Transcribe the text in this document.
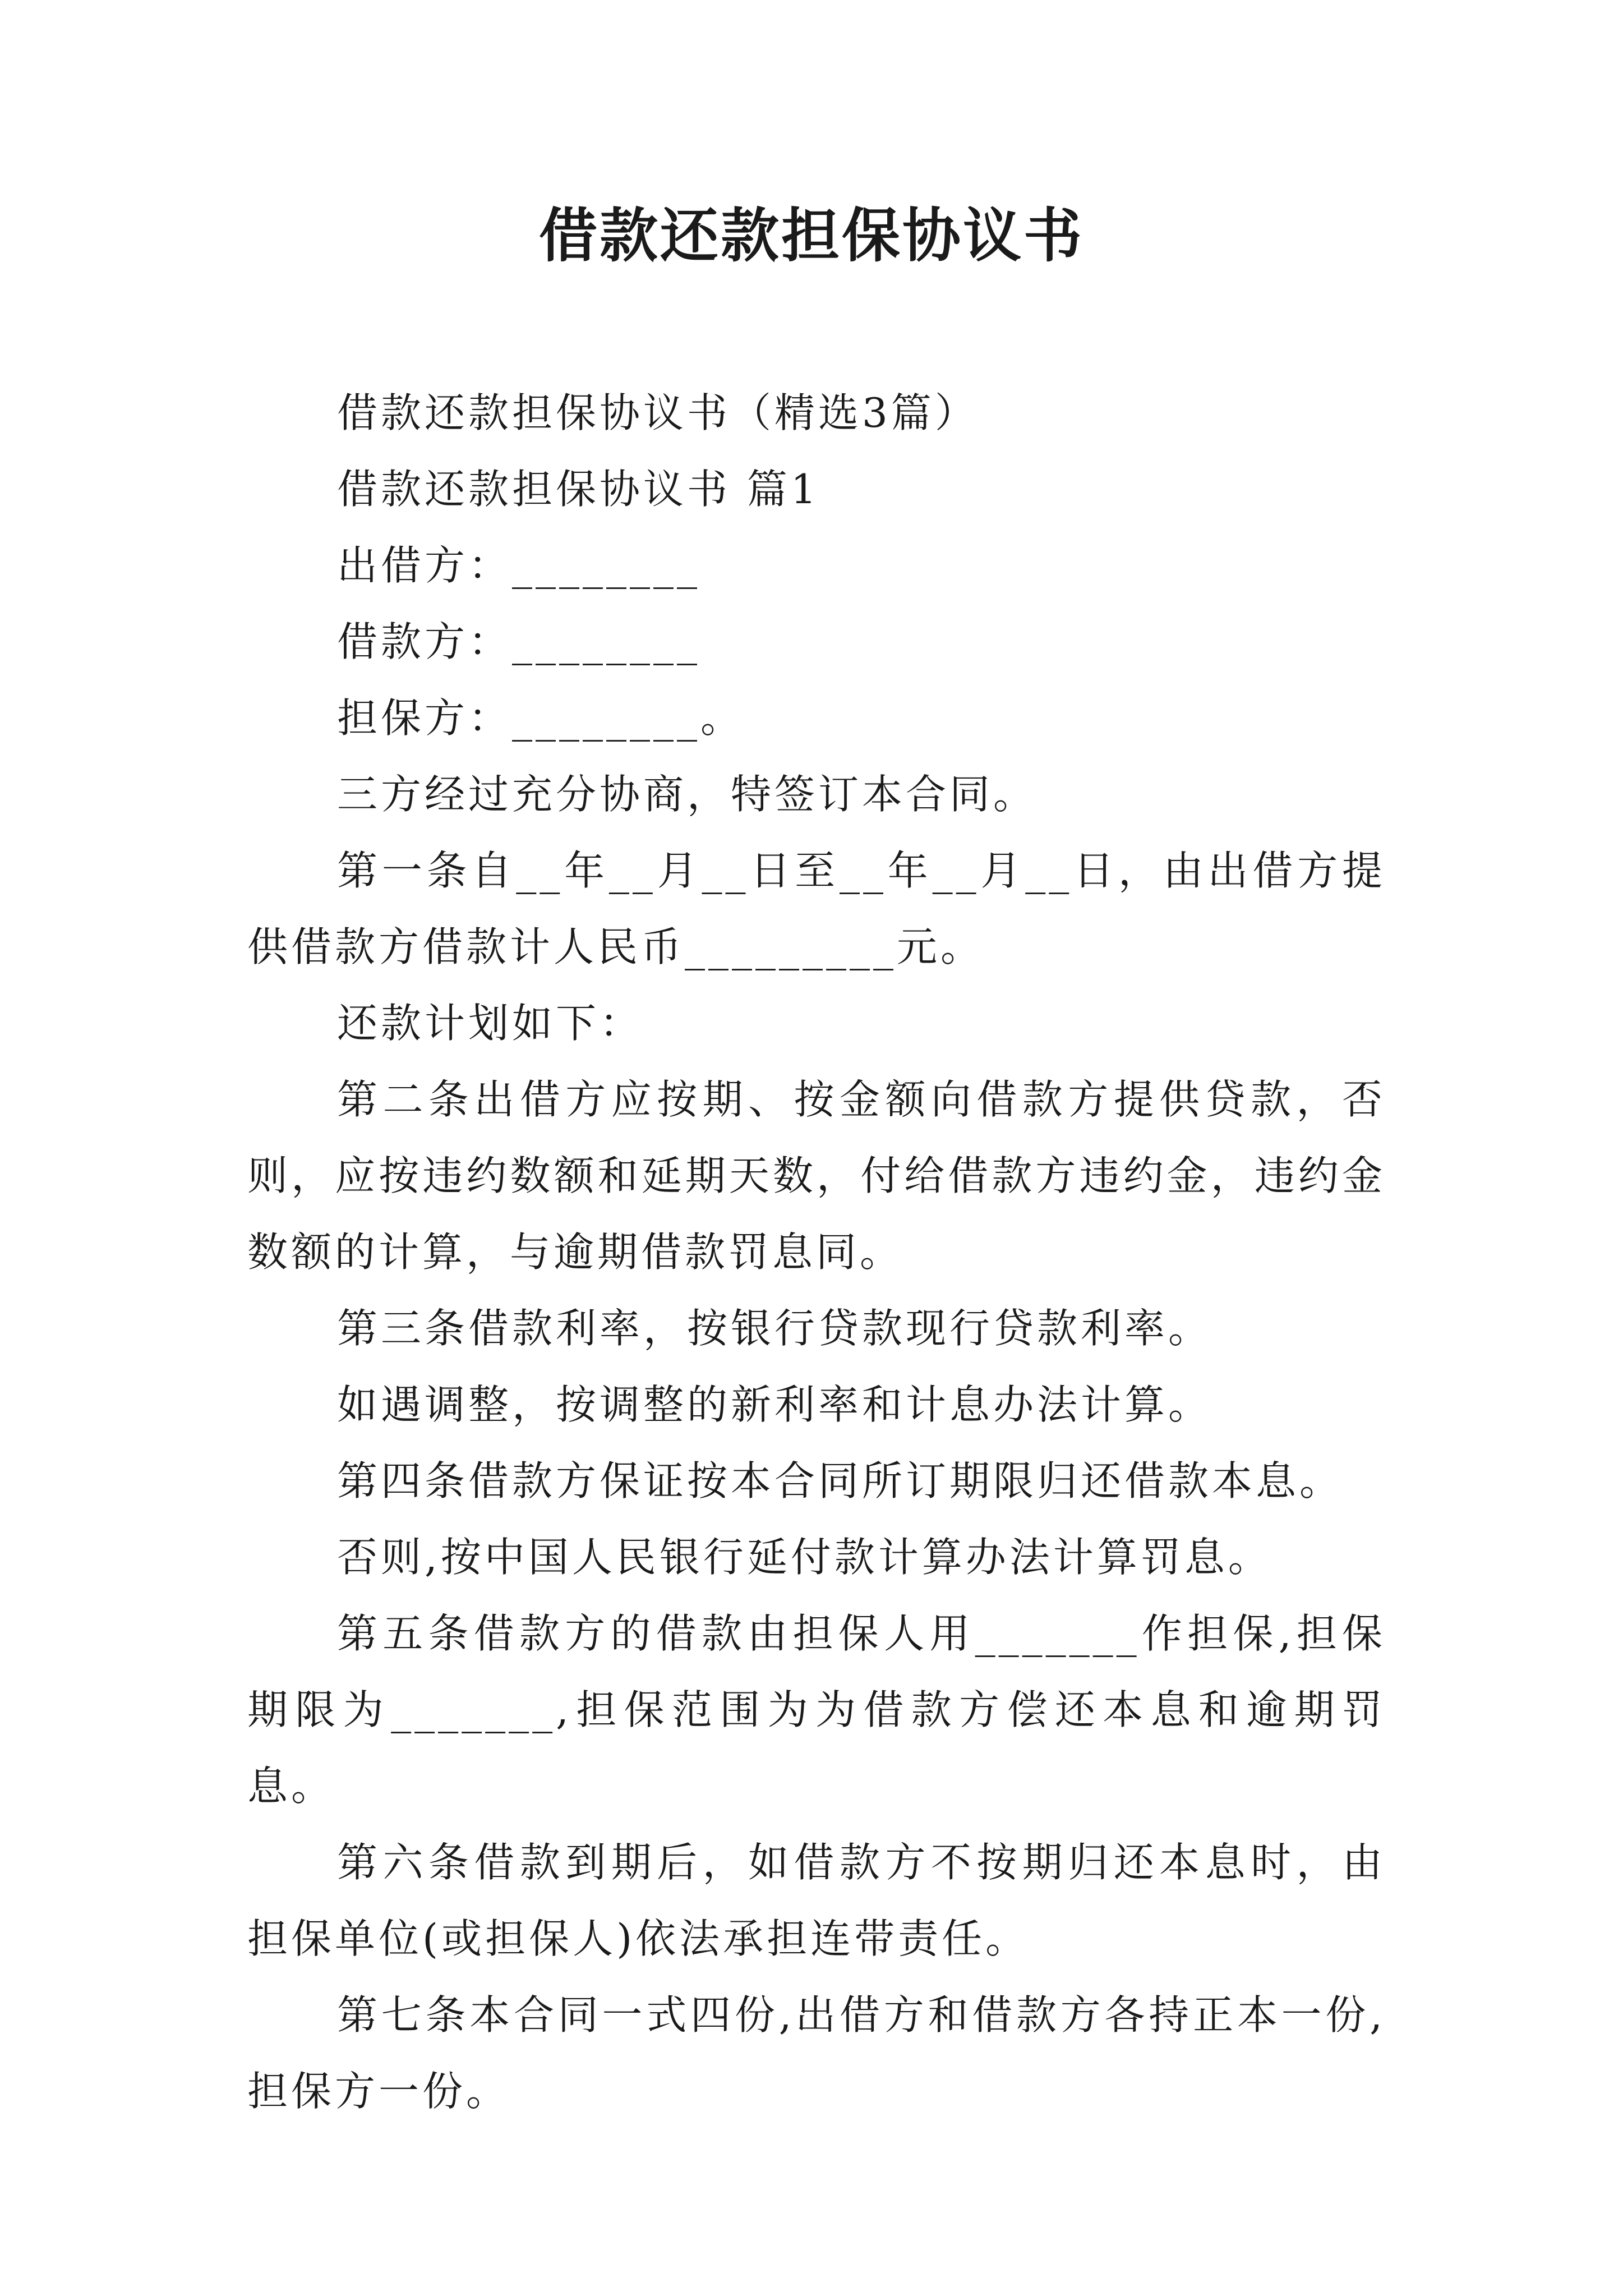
借款还款担保协议书

借款还款担保协议书（精选3篇）

借款还款担保协议书 篇1

出借方：________

借款方：________

担保方：________。

三方经过充分协商，特签订本合同。

第一条自__年__月__日至__年__月__日，由出借方提供借款方借款计人民币_________元。

还款计划如下：

第二条出借方应按期、按金额向借款方提供贷款，否则，应按违约数额和延期天数，付给借款方违约金，违约金数额的计算，与逾期借款罚息同。

第三条借款利率，按银行贷款现行贷款利率。

如遇调整，按调整的新利率和计息办法计算。

第四条借款方保证按本合同所订期限归还借款本息。

否则,按中国人民银行延付款计算办法计算罚息。

第五条借款方的借款由担保人用_______作担保,担保期限为_______,担保范围为为借款方偿还本息和逾期罚息。

第六条借款到期后，如借款方不按期归还本息时，由担保单位(或担保人)依法承担连带责任。

第七条本合同一式四份,出借方和借款方各持正本一份,担保方一份。
